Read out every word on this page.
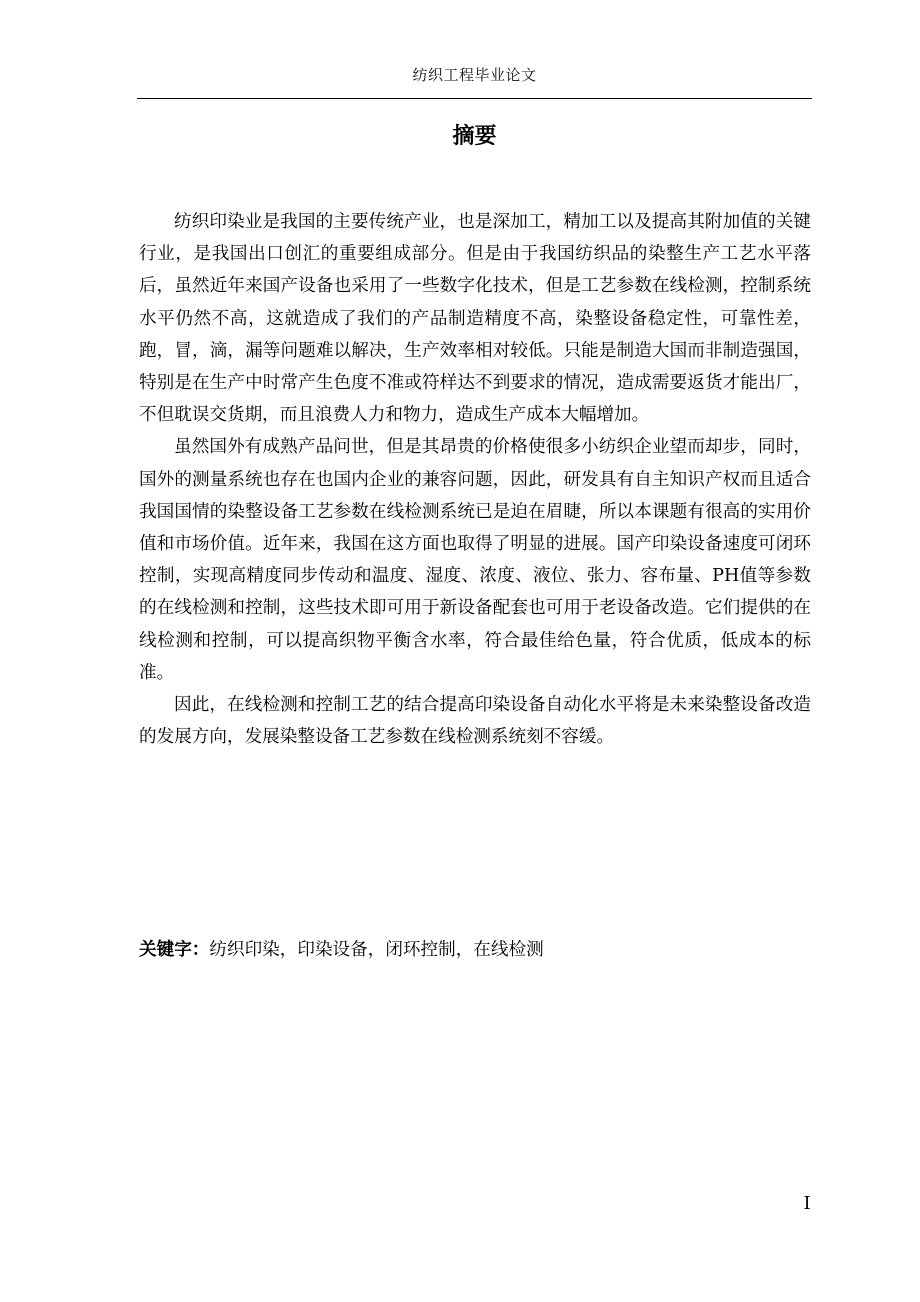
纺织工程毕业论文
摘要

纺织印染业是我国的主要传统产业，也是深加工，精加工以及提高其附加值的关键行业，是我国出口创汇的重要组成部分。但是由于我国纺织品的染整生产工艺水平落后，虽然近年来国产设备也采用了一些数字化技术，但是工艺参数在线检测，控制系统水平仍然不高，这就造成了我们的产品制造精度不高，染整设备稳定性，可靠性差，跑，冒，滴，漏等问题难以解决，生产效率相对较低。只能是制造大国而非制造强国，特别是在生产中时常产生色度不准或符样达不到要求的情况，造成需要返货才能出厂，不但耽误交货期，而且浪费人力和物力，造成生产成本大幅增加。

虽然国外有成熟产品问世，但是其昂贵的价格使很多小纺织企业望而却步，同时，国外的测量系统也存在也国内企业的兼容问题，因此，研发具有自主知识产权而且适合我国国情的染整设备工艺参数在线检测系统已是迫在眉睫，所以本课题有很高的实用价值和市场价值。近年来，我国在这方面也取得了明显的进展。国产印染设备速度可闭环控制，实现高精度同步传动和温度、湿度、浓度、液位、张力、容布量、PH值等参数的在线检测和控制，这些技术即可用于新设备配套也可用于老设备改造。它们提供的在线检测和控制，可以提高织物平衡含水率，符合最佳给色量，符合优质，低成本的标准。

因此，在线检测和控制工艺的结合提高印染设备自动化水平将是未来染整设备改造的发展方向，发展染整设备工艺参数在线检测系统刻不容缓。

关键字：纺织印染，印染设备，闭环控制，在线检测
I
